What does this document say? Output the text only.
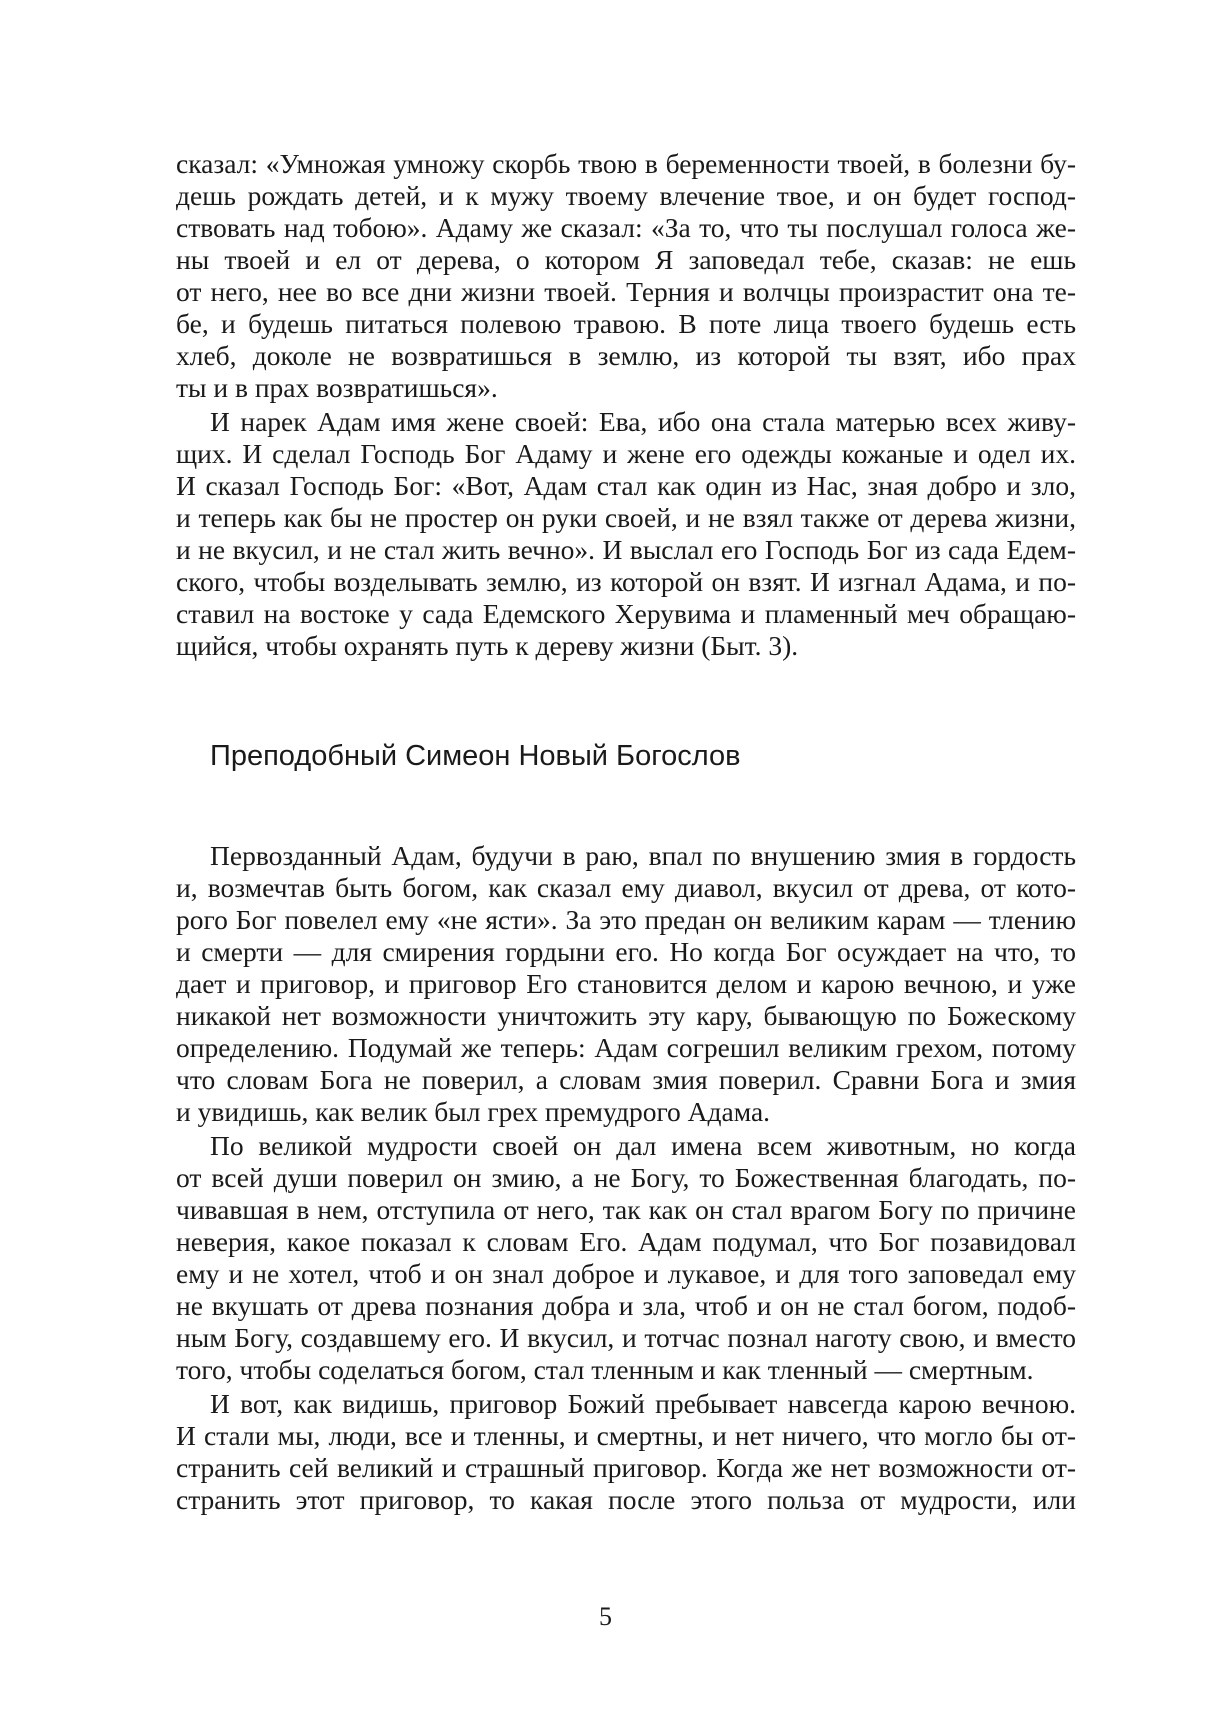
сказал: «Умножая умножу скорбь твою в беременности твоей, в болезни бу-
дешь рождать детей, и к мужу твоему влечение твое, и он будет господ-
ствовать над тобою». Адаму же сказал: «За то, что ты послушал голоса же-
ны твоей и ел от дерева, о котором Я заповедал тебе, сказав: не ешь
от него, нее во все дни жизни твоей. Терния и волчцы произрастит она те-
бе, и будешь питаться полевою травою. В поте лица твоего будешь есть
хлеб, доколе не возвратишься в землю, из которой ты взят, ибо прах
ты и в прах возвратишься».
И нарек Адам имя жене своей: Ева, ибо она стала матерью всех живу-
щих. И сделал Господь Бог Адаму и жене его одежды кожаные и одел их.
И сказал Господь Бог: «Вот, Адам стал как один из Нас, зная добро и зло,
и теперь как бы не простер он руки своей, и не взял также от дерева жизни,
и не вкусил, и не стал жить вечно». И выслал его Господь Бог из сада Едем-
ского, чтобы возделывать землю, из которой он взят. И изгнал Адама, и по-
ставил на востоке у сада Едемского Херувима и пламенный меч обращаю-
щийся, чтобы охранять путь к дереву жизни (Быт. 3).
Преподобный Симеон Новый Богослов
Первозданный Адам, будучи в раю, впал по внушению змия в гордость
и, возмечтав быть богом, как сказал ему диавол, вкусил от древа, от кото-
рого Бог повелел ему «не ясти». За это предан он великим карам — тлению
и смерти — для смирения гордыни его. Но когда Бог осуждает на что, то
дает и приговор, и приговор Его становится делом и карою вечною, и уже
никакой нет возможности уничтожить эту кару, бывающую по Божескому
определению. Подумай же теперь: Адам согрешил великим грехом, потому
что словам Бога не поверил, а словам змия поверил. Сравни Бога и змия
и увидишь, как велик был грех премудрого Адама.
По великой мудрости своей он дал имена всем животным, но когда
от всей души поверил он змию, а не Богу, то Божественная благодать, по-
чивавшая в нем, отступила от него, так как он стал врагом Богу по причине
неверия, какое показал к словам Его. Адам подумал, что Бог позавидовал
ему и не хотел, чтоб и он знал доброе и лукавое, и для того заповедал ему
не вкушать от древа познания добра и зла, чтоб и он не стал богом, подоб-
ным Богу, создавшему его. И вкусил, и тотчас познал наготу свою, и вместо
того, чтобы соделаться богом, стал тленным и как тленный — смертным.
И вот, как видишь, приговор Божий пребывает навсегда карою вечною.
И стали мы, люди, все и тленны, и смертны, и нет ничего, что могло бы от-
странить сей великий и страшный приговор. Когда же нет возможности от-
странить этот приговор, то какая после этого польза от мудрости, или
5
